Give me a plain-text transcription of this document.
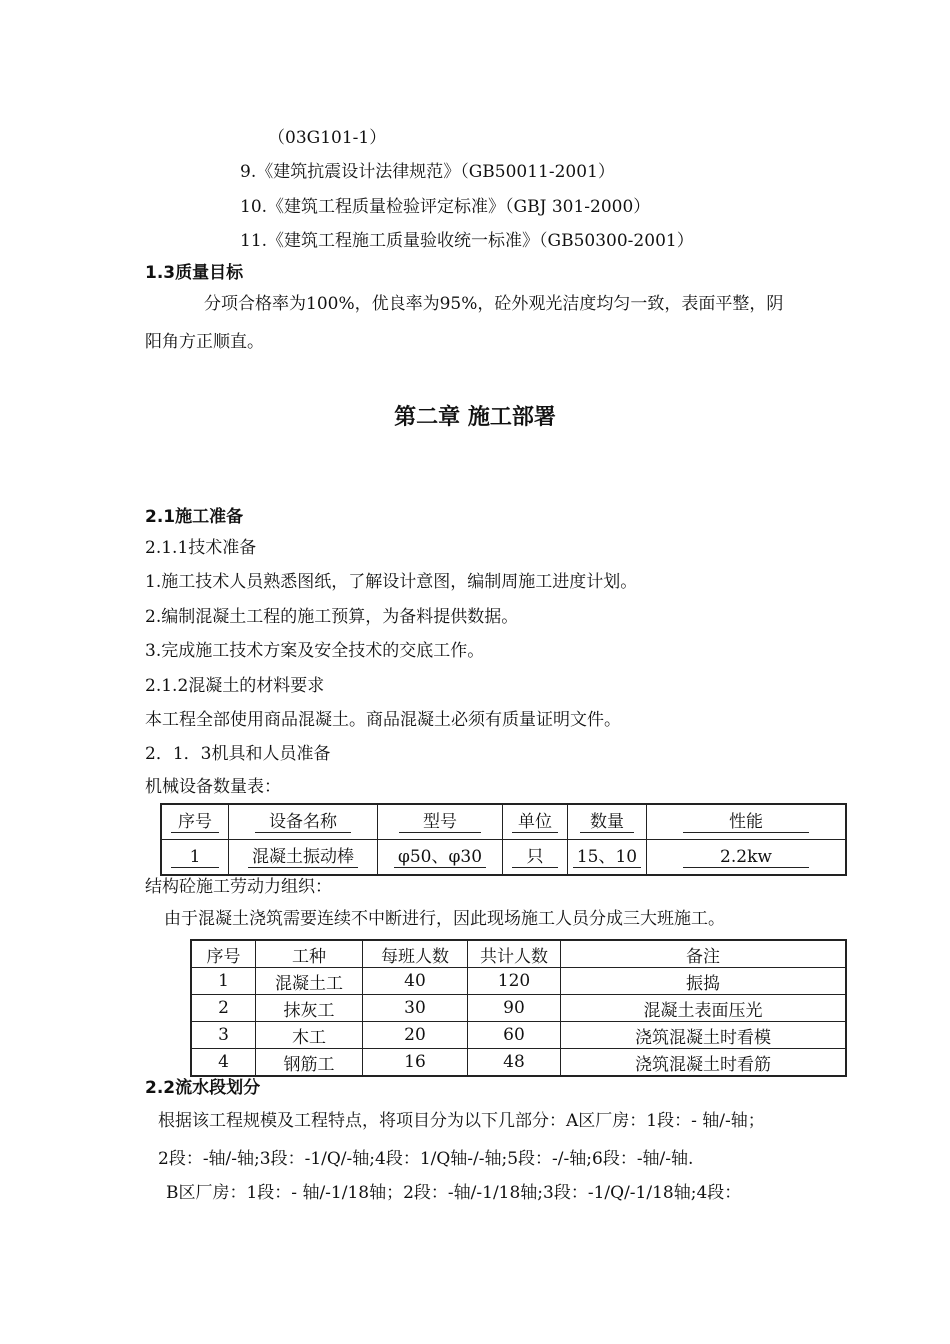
（03G101-1）
9.《建筑抗震设计法律规范》（GB50011-2001）
10.《建筑工程质量检验评定标准》（GBJ 301-2000）
11.《建筑工程施工质量验收统一标准》（GB50300-2001）
1.3质量目标
分项合格率为100%，优良率为95%，砼外观光洁度均匀一致，表面平整，阴
阳角方正顺直。
第二章 施工部署
2.1施工准备
2.1.1技术准备
1.施工技术人员熟悉图纸，了解设计意图，编制周施工进度计划。
2.编制混凝土工程的施工预算，为备料提供数据。
3.完成施工技术方案及安全技术的交底工作。
2.1.2混凝土的材料要求
本工程全部使用商品混凝土。商品混凝土必须有质量证明文件。
2．1．3机具和人员准备
机械设备数量表：
序号	设备名称	型号	单位	数量	性能
1	混凝土振动棒	φ50、φ30	只	15、10	2.2kw
结构砼施工劳动力组织：
由于混凝土浇筑需要连续不中断进行，因此现场施工人员分成三大班施工。
序号	工种	每班人数	共计人数	备注
1	混凝土工	40	120	振捣
2	抹灰工	30	90	混凝土表面压光
3	木工	20	60	浇筑混凝土时看模
4	钢筋工	16	48	浇筑混凝土时看筋
2.2流水段划分
根据该工程规模及工程特点，将项目分为以下几部分：A区厂房：1段：- 轴/-轴；
2段：-轴/-轴;3段：-1/Q/-轴;4段：1/Q轴-/-轴;5段：-/-轴;6段：-轴/-轴.
B区厂房：1段：- 轴/-1/18轴；2段：-轴/-1/18轴;3段：-1/Q/-1/18轴;4段：
